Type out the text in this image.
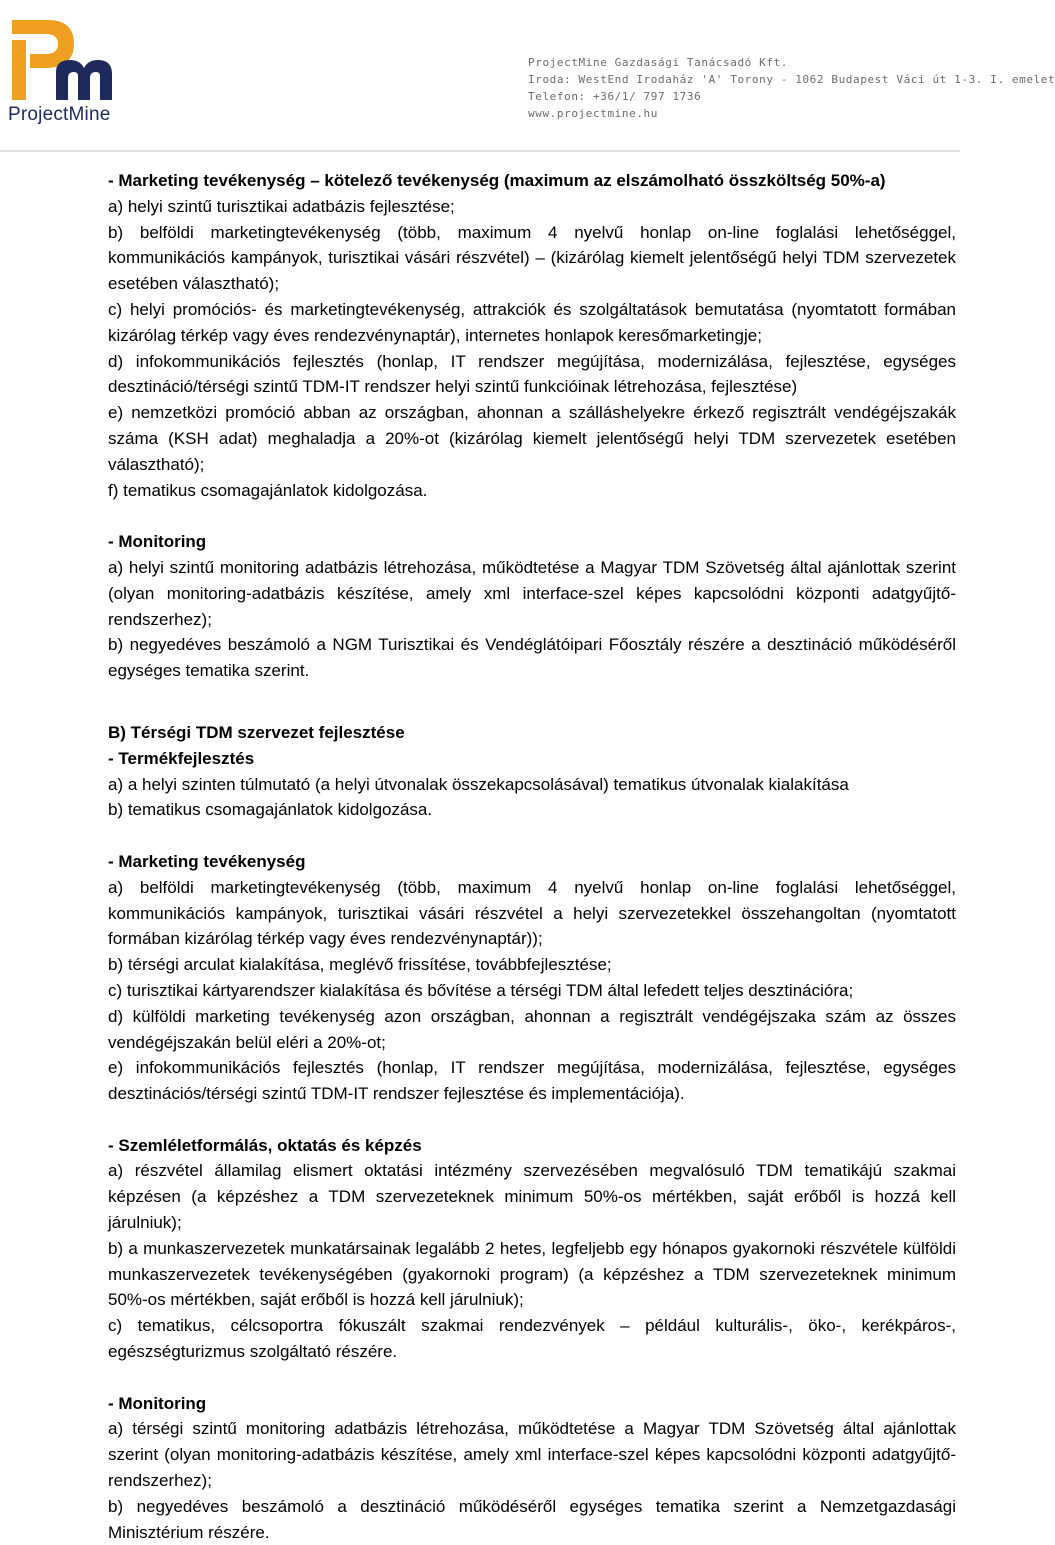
ProjectMine
ProjectMine Gazdasági Tanácsadó Kft.
Iroda: WestEnd Irodaház 'A' Torony - 1062 Budapest Váci út 1-3. I. emelet
Telefon: +36/1/ 797 1736
www.projectmine.hu

- Marketing tevékenység – kötelező tevékenység (maximum az elszámolható összköltség 50%-a)

a) helyi szintű turisztikai adatbázis fejlesztése;

b) belföldi marketingtevékenység (több, maximum 4 nyelvű honlap on-line foglalási lehetőséggel, kommunikációs kampányok, turisztikai vásári részvétel) – (kizárólag kiemelt jelentőségű helyi TDM szervezetek esetében választható);

c) helyi promóciós- és marketingtevékenység, attrakciók és szolgáltatások bemutatása (nyomtatott formában kizárólag térkép vagy éves rendezvénynaptár), internetes honlapok keresőmarketingje;

d) infokommunikációs fejlesztés (honlap, IT rendszer megújítása, modernizálása, fejlesztése, egységes desztináció/térségi szintű TDM-IT rendszer helyi szintű funkcióinak létrehozása, fejlesztése)

e) nemzetközi promóció abban az országban, ahonnan a szálláshelyekre érkező regisztrált vendégéjszakák száma (KSH adat) meghaladja a 20%-ot (kizárólag kiemelt jelentőségű helyi TDM szervezetek esetében választható);

f) tematikus csomagajánlatok kidolgozása.

- Monitoring

a) helyi szintű monitoring adatbázis létrehozása, működtetése a Magyar TDM Szövetség által ajánlottak szerint (olyan monitoring-adatbázis készítése, amely xml interface-szel képes kapcsolódni központi adatgyűjtő-rendszerhez);

b) negyedéves beszámoló a NGM Turisztikai és Vendéglátóipari Főosztály részére a desztináció működéséről egységes tematika szerint.

B) Térségi TDM szervezet fejlesztése

- Termékfejlesztés

a) a helyi szinten túlmutató (a helyi útvonalak összekapcsolásával) tematikus útvonalak kialakítása

b) tematikus csomagajánlatok kidolgozása.

- Marketing tevékenység

a) belföldi marketingtevékenység (több, maximum 4 nyelvű honlap on-line foglalási lehetőséggel, kommunikációs kampányok, turisztikai vásári részvétel a helyi szervezetekkel összehangoltan (nyomtatott formában kizárólag térkép vagy éves rendezvénynaptár));

b) térségi arculat kialakítása, meglévő frissítése, továbbfejlesztése;

c) turisztikai kártyarendszer kialakítása és bővítése a térségi TDM által lefedett teljes desztinációra;

d) külföldi marketing tevékenység azon országban, ahonnan a regisztrált vendégéjszaka szám az összes vendégéjszakán belül eléri a 20%-ot;

e) infokommunikációs fejlesztés (honlap, IT rendszer megújítása, modernizálása, fejlesztése, egységes desztinációs/térségi szintű TDM-IT rendszer fejlesztése és implementációja).

- Szemléletformálás, oktatás és képzés

a) részvétel államilag elismert oktatási intézmény szervezésében megvalósuló TDM tematikájú szakmai képzésen (a képzéshez a TDM szervezeteknek minimum 50%-os mértékben, saját erőből is hozzá kell járulniuk);

b) a munkaszervezetek munkatársainak legalább 2 hetes, legfeljebb egy hónapos gyakornoki részvétele külföldi munkaszervezetek tevékenységében (gyakornoki program) (a képzéshez a TDM szervezeteknek minimum 50%-os mértékben, saját erőből is hozzá kell járulniuk);

c) tematikus, célcsoportra fókuszált szakmai rendezvények – például kulturális-, öko-, kerékpáros-, egészségturizmus szolgáltató részére.

- Monitoring

a) térségi szintű monitoring adatbázis létrehozása, működtetése a Magyar TDM Szövetség által ajánlottak szerint (olyan monitoring-adatbázis készítése, amely xml interface-szel képes kapcsolódni központi adatgyűjtő-rendszerhez);

b) negyedéves beszámoló a desztináció működéséről egységes tematika szerint a Nemzetgazdasági Minisztérium részére.
